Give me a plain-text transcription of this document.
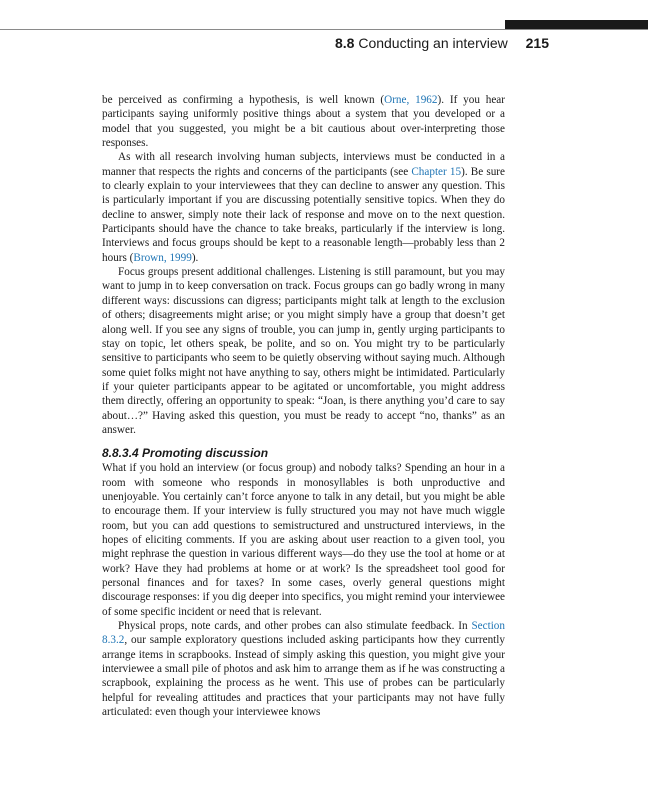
8.8 Conducting an interview 215

be perceived as confirming a hypothesis, is well known (Orne, 1962). If you hear participants saying uniformly positive things about a system that you developed or a model that you suggested, you might be a bit cautious about over-interpreting those responses.

As with all research involving human subjects, interviews must be conducted in a manner that respects the rights and concerns of the participants (see Chapter 15). Be sure to clearly explain to your interviewees that they can decline to answer any question. This is particularly important if you are discussing potentially sensitive topics. When they do decline to answer, simply note their lack of response and move on to the next question. Participants should have the chance to take breaks, particularly if the interview is long. Interviews and focus groups should be kept to a reasonable length—probably less than 2 hours (Brown, 1999).

Focus groups present additional challenges. Listening is still paramount, but you may want to jump in to keep conversation on track. Focus groups can go badly wrong in many different ways: discussions can digress; participants might talk at length to the exclusion of others; disagreements might arise; or you might simply have a group that doesn’t get along well. If you see any signs of trouble, you can jump in, gently urging participants to stay on topic, let others speak, be polite, and so on. You might try to be particularly sensitive to participants who seem to be quietly observing without saying much. Although some quiet folks might not have anything to say, others might be intimidated. Particularly if your quieter participants appear to be agitated or uncomfortable, you might address them directly, offering an opportunity to speak: “Joan, is there anything you’d care to say about…?” Having asked this question, you must be ready to accept “no, thanks” as an answer.

8.8.3.4 Promoting discussion

What if you hold an interview (or focus group) and nobody talks? Spending an hour in a room with someone who responds in monosyllables is both unproductive and unenjoyable. You certainly can’t force anyone to talk in any detail, but you might be able to encourage them. If your interview is fully structured you may not have much wiggle room, but you can add questions to semistructured and unstructured interviews, in the hopes of eliciting comments. If you are asking about user reaction to a given tool, you might rephrase the question in various different ways—do they use the tool at home or at work? Have they had problems at home or at work? Is the spreadsheet tool good for personal finances and for taxes? In some cases, overly general questions might discourage responses: if you dig deeper into specifics, you might remind your interviewee of some specific incident or need that is relevant.

Physical props, note cards, and other probes can also stimulate feedback. In Section 8.3.2, our sample exploratory questions included asking participants how they currently arrange items in scrapbooks. Instead of simply asking this question, you might give your interviewee a small pile of photos and ask him to arrange them as if he was constructing a scrapbook, explaining the process as he went. This use of probes can be particularly helpful for revealing attitudes and practices that your participants may not have fully articulated: even though your interviewee knows
